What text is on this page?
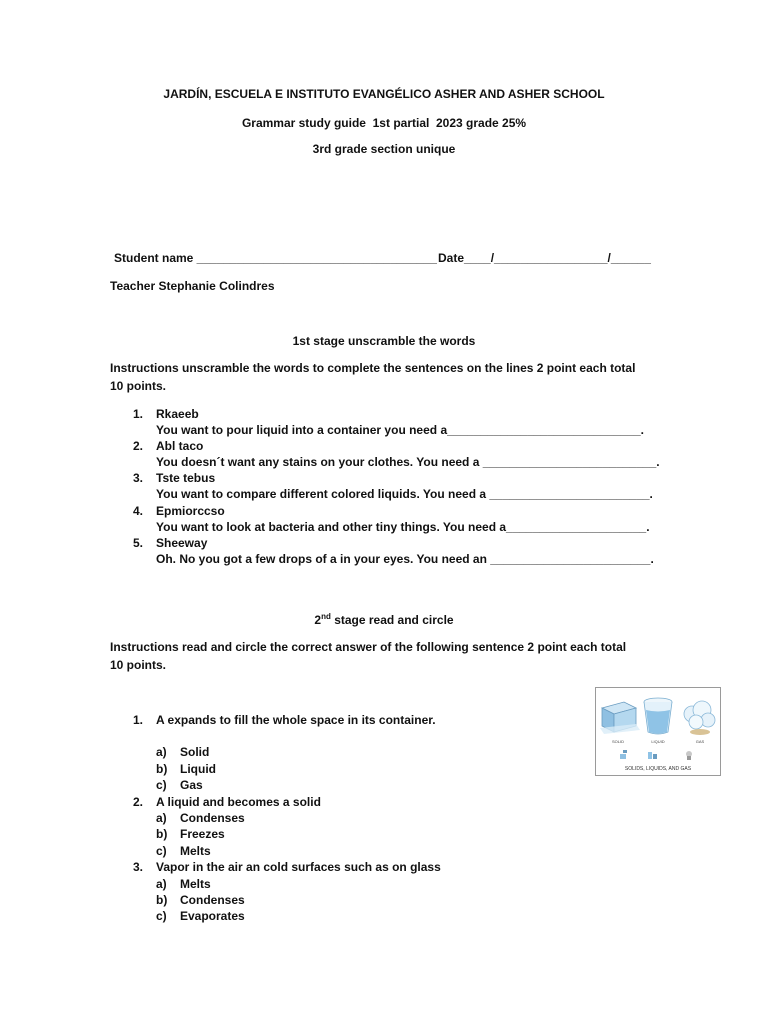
JARDÍN, ESCUELA E INSTITUTO EVANGÉLICO ASHER AND ASHER SCHOOL
Grammar study guide  1st partial  2023 grade 25%
3rd grade section unique
Student name ____________________________________ Date____/_________________/______
Teacher Stephanie Colindres
1st stage unscramble the words
Instructions unscramble the words to complete the sentences on the lines 2 point each total
10 points.
1. Rkaeeb
You want to pour liquid into a container you need a_____________________________.
2. Abl taco
You doesn´t want any stains on your clothes. You need a __________________________.
3. Tste tebus
You want to compare different colored liquids. You need a ________________________.
4. Epmiorccso
You want to look at bacteria and other tiny things. You need a_____________________.
5. Sheeway
Oh. No you got a few drops of a in your eyes. You need an ________________________.
2nd stage read and circle
Instructions read and circle the correct answer of the following sentence 2 point each total
10 points.
1. A expands to fill the whole space in its container.
a) Solid
b) Liquid
c) Gas
2. A liquid and becomes a solid
a) Condenses
b) Freezes
c) Melts
3. Vapor in the air an cold surfaces such as on glass
a) Melts
b) Condenses
c) Evaporates
SOLID	LIQUID	GAS
SOLIDS, LIQUIDS, AND GAS
